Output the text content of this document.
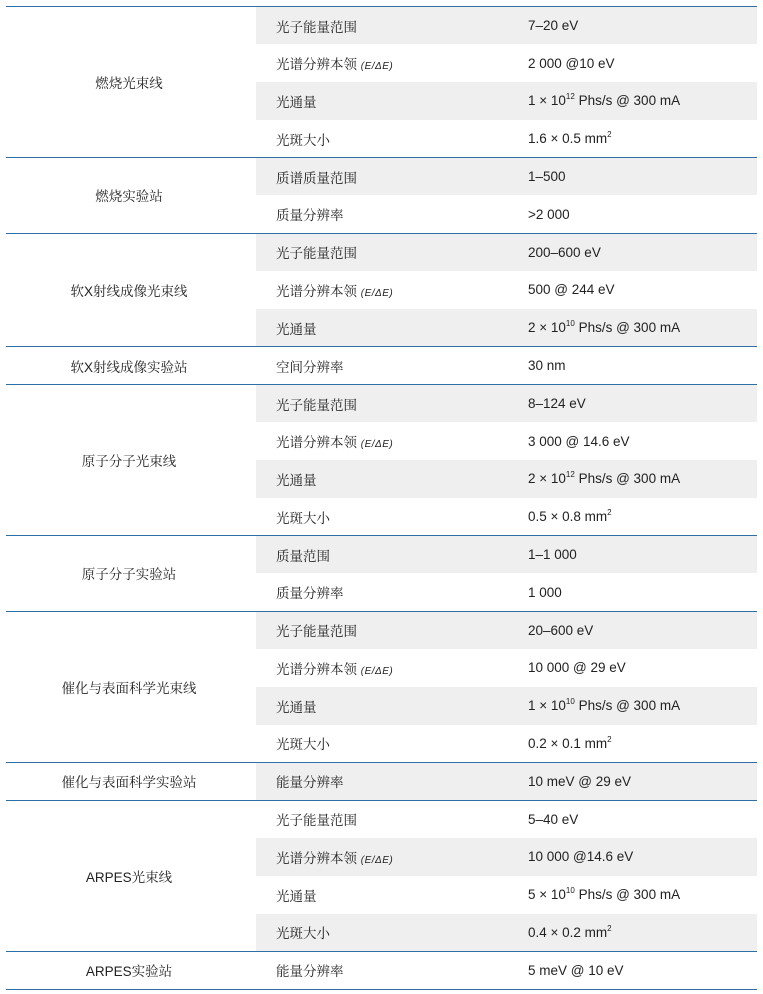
燃烧光束线	光子能量范围	7–20 eV
	光谱分辨本领 (E/ΔE)	2 000 @10 eV
	光通量	$1 \times 10^{12}$ Phs/s @ 300 mA
	光斑大小	1.6 × 0.5 $mm^2$
燃烧实验站	质谱质量范围	1–500
	质量分辨率	>2 000
软X射线成像光束线	光子能量范围	200–600 eV
	光谱分辨本领 (E/ΔE)	500 @ 244 eV
	光通量	$2 \times 10^{10}$ Phs/s @ 300 mA
软X射线成像实验站	空间分辨率	30 nm
原子分子光束线	光子能量范围	8–124 eV
	光谱分辨本领 (E/ΔE)	3 000 @ 14.6 eV
	光通量	$2 \times 10^{12}$ Phs/s @ 300 mA
	光斑大小	0.5 × 0.8 $mm^2$
原子分子实验站	质量范围	1–1 000
	质量分辨率	1 000
催化与表面科学光束线	光子能量范围	20–600 eV
	光谱分辨本领 (E/ΔE)	10 000 @ 29 eV
	光通量	$1 \times 10^{10}$ Phs/s @ 300 mA
	光斑大小	0.2 × 0.1 $mm^2$
催化与表面科学实验站	能量分辨率	10 meV @ 29 eV
ARPES光束线	光子能量范围	5–40 eV
	光谱分辨本领 (E/ΔE)	10 000 @14.6 eV
	光通量	$5 \times 10^{10}$ Phs/s @ 300 mA
	光斑大小	0.4 × 0.2 $mm^2$
ARPES实验站	能量分辨率	5 meV @ 10 eV
